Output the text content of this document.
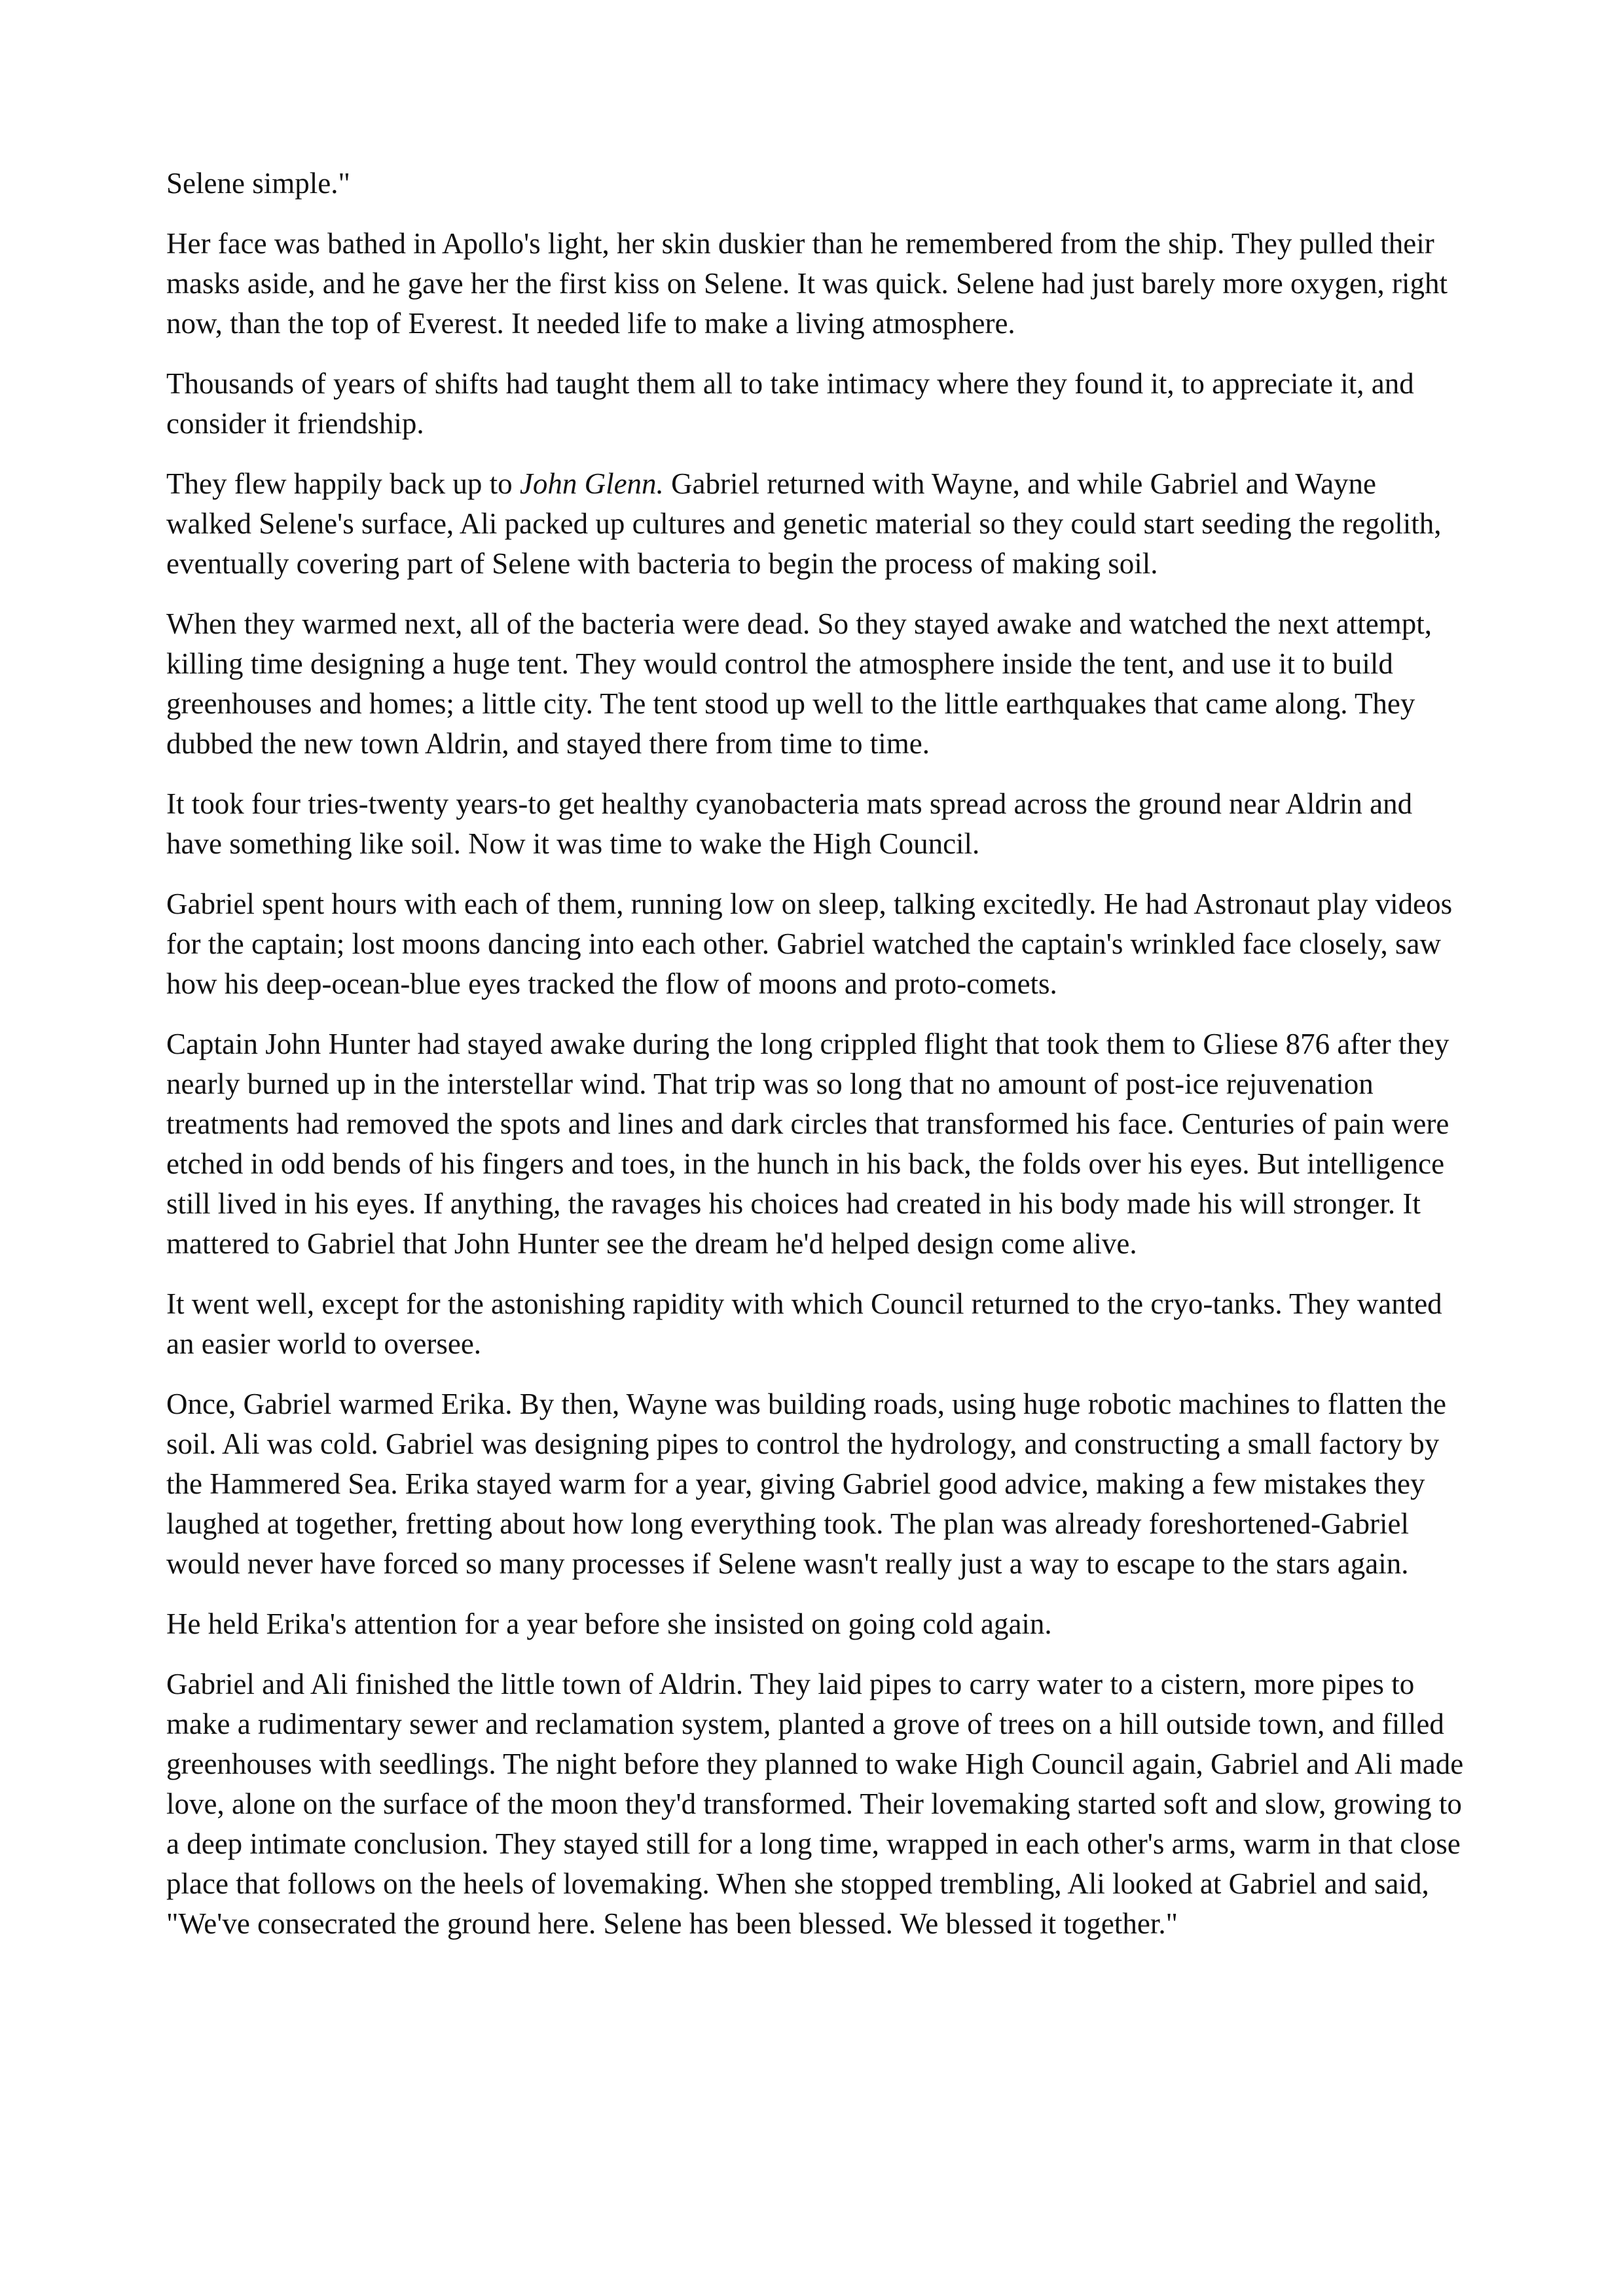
Selene simple."

Her face was bathed in Apollo's light, her skin duskier than he remembered from the ship. They pulled their masks aside, and he gave her the first kiss on Selene. It was quick. Selene had just barely more oxygen, right now, than the top of Everest. It needed life to make a living atmosphere.

Thousands of years of shifts had taught them all to take intimacy where they found it, to appreciate it, and consider it friendship.

They flew happily back up to John Glenn. Gabriel returned with Wayne, and while Gabriel and Wayne walked Selene's surface, Ali packed up cultures and genetic material so they could start seeding the regolith, eventually covering part of Selene with bacteria to begin the process of making soil.

When they warmed next, all of the bacteria were dead. So they stayed awake and watched the next attempt, killing time designing a huge tent. They would control the atmosphere inside the tent, and use it to build greenhouses and homes; a little city. The tent stood up well to the little earthquakes that came along. They dubbed the new town Aldrin, and stayed there from time to time.

It took four tries-twenty years-to get healthy cyanobacteria mats spread across the ground near Aldrin and have something like soil. Now it was time to wake the High Council.

Gabriel spent hours with each of them, running low on sleep, talking excitedly. He had Astronaut play videos for the captain; lost moons dancing into each other. Gabriel watched the captain's wrinkled face closely, saw how his deep-ocean-blue eyes tracked the flow of moons and proto-comets.

Captain John Hunter had stayed awake during the long crippled flight that took them to Gliese 876 after they nearly burned up in the interstellar wind. That trip was so long that no amount of post-ice rejuvenation treatments had removed the spots and lines and dark circles that transformed his face. Centuries of pain were etched in odd bends of his fingers and toes, in the hunch in his back, the folds over his eyes. But intelligence still lived in his eyes. If anything, the ravages his choices had created in his body made his will stronger. It mattered to Gabriel that John Hunter see the dream he'd helped design come alive.

It went well, except for the astonishing rapidity with which Council returned to the cryo-tanks. They wanted an easier world to oversee.

Once, Gabriel warmed Erika. By then, Wayne was building roads, using huge robotic machines to flatten the soil. Ali was cold. Gabriel was designing pipes to control the hydrology, and constructing a small factory by the Hammered Sea. Erika stayed warm for a year, giving Gabriel good advice, making a few mistakes they laughed at together, fretting about how long everything took. The plan was already foreshortened-Gabriel would never have forced so many processes if Selene wasn't really just a way to escape to the stars again.

He held Erika's attention for a year before she insisted on going cold again.

Gabriel and Ali finished the little town of Aldrin. They laid pipes to carry water to a cistern, more pipes to make a rudimentary sewer and reclamation system, planted a grove of trees on a hill outside town, and filled greenhouses with seedlings. The night before they planned to wake High Council again, Gabriel and Ali made love, alone on the surface of the moon they'd transformed. Their lovemaking started soft and slow, growing to a deep intimate conclusion. They stayed still for a long time, wrapped in each other's arms, warm in that close place that follows on the heels of lovemaking. When she stopped trembling, Ali looked at Gabriel and said, "We've consecrated the ground here. Selene has been blessed. We blessed it together."
